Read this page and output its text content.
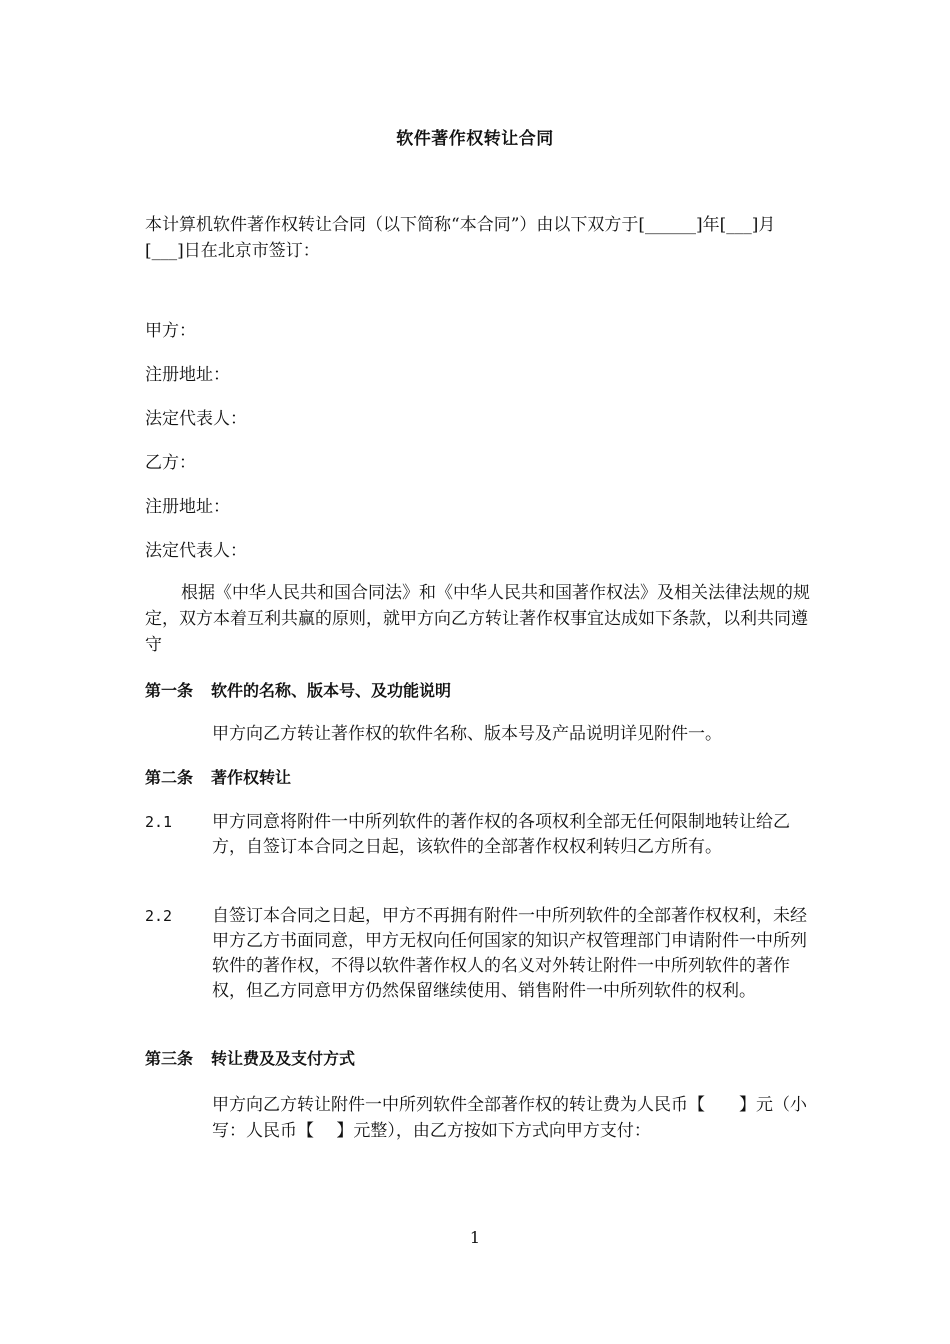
软件著作权转让合同
本计算机软件著作权转让合同（以下简称“本合同”）由以下双方于[______]年[___]月[___]日在北京市签订：
甲方：
注册地址：
法定代表人：
乙方：
注册地址：
法定代表人：
根据《中华人民共和国合同法》和《中华人民共和国著作权法》及相关法律法规的规定，双方本着互利共赢的原则，就甲方向乙方转让著作权事宜达成如下条款，以利共同遵守
第一条 软件的名称、版本号、及功能说明
甲方向乙方转让著作权的软件名称、版本号及产品说明详见附件一。
第二条 著作权转让
2.1	甲方同意将附件一中所列软件的著作权的各项权利全部无任何限制地转让给乙方，自签订本合同之日起，该软件的全部著作权权利转归乙方所有。
2.2	自签订本合同之日起，甲方不再拥有附件一中所列软件的全部著作权权利，未经甲方乙方书面同意，甲方无权向任何国家的知识产权管理部门申请附件一中所列软件的著作权，不得以软件著作权人的名义对外转让附件一中所列软件的著作权，但乙方同意甲方仍然保留继续使用、销售附件一中所列软件的权利。
第三条 转让费及及支付方式
甲方向乙方转让附件一中所列软件全部著作权的转让费为人民币【　　】元（小写：人民币【　 】元整），由乙方按如下方式向甲方支付：
1
